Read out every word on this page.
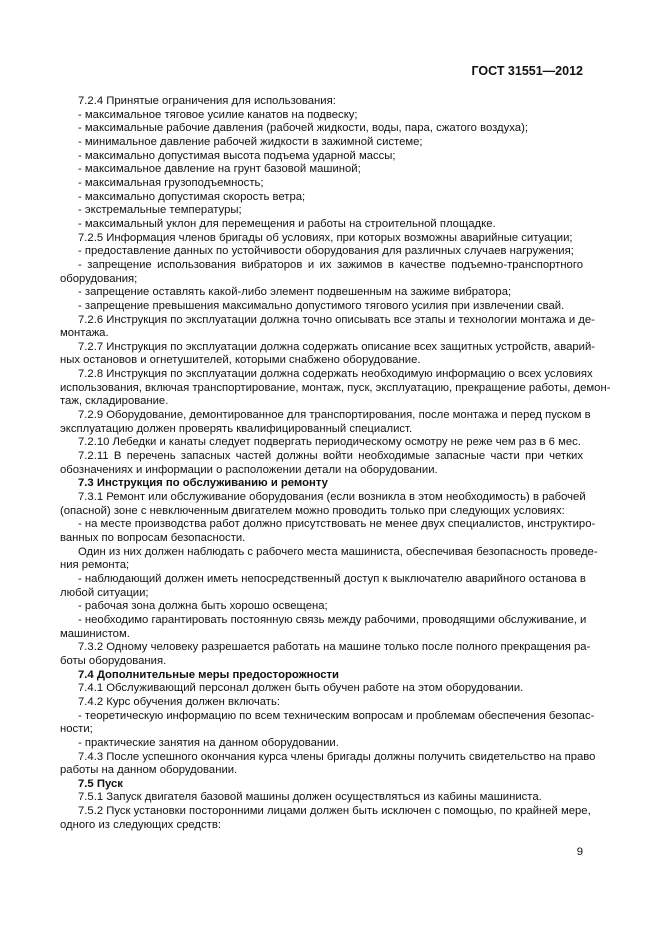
ГОСТ 31551—2012
7.2.4 Принятые ограничения для использования:
- максимальное тяговое усилие канатов на подвеску;
- максимальные рабочие давления (рабочей жидкости, воды, пара, сжатого воздуха);
- минимальное давление рабочей жидкости в зажимной системе;
- максимально допустимая высота подъема ударной массы;
- максимальное давление на грунт базовой машиной;
- максимальная грузоподъемность;
- максимально допустимая скорость ветра;
- экстремальные температуры;
- максимальный уклон для перемещения и работы на строительной площадке.
7.2.5 Информация членов бригады об условиях, при которых возможны аварийные ситуации;
- предоставление данных по устойчивости оборудования для различных случаев нагружения;
- запрещение использования вибраторов и их зажимов в качестве подъемно-транспортного
оборудования;
- запрещение оставлять какой-либо элемент подвешенным на зажиме вибратора;
- запрещение превышения максимально допустимого тягового усилия при извлечении свай.
7.2.6 Инструкция по эксплуатации должна точно описывать все этапы и технологии монтажа и де-
монтажа.
7.2.7 Инструкция по эксплуатации должна содержать описание всех защитных устройств, аварий-
ных остановов и огнетушителей, которыми снабжено оборудование.
7.2.8 Инструкция по эксплуатации должна содержать необходимую информацию о всех условиях
использования, включая транспортирование, монтаж, пуск, эксплуатацию, прекращение работы, демон-
таж, складирование.
7.2.9 Оборудование, демонтированное для транспортирования, после монтажа и перед пуском в
эксплуатацию должен проверять квалифицированный специалист.
7.2.10 Лебедки и канаты следует подвергать периодическому осмотру не реже чем раз в 6 мес.
7.2.11 В перечень запасных частей должны войти необходимые запасные части при четких
обозначениях и информации о расположении детали на оборудовании.
7.3 Инструкция по обслуживанию и ремонту
7.3.1 Ремонт или обслуживание оборудования (если возникла в этом необходимость) в рабочей
(опасной) зоне с невключенным двигателем можно проводить только при следующих условиях:
- на месте производства работ должно присутствовать не менее двух специалистов, инструктиро-
ванных по вопросам безопасности.
Один из них должен наблюдать с рабочего места машиниста, обеспечивая безопасность проведе-
ния ремонта;
- наблюдающий должен иметь непосредственный доступ к выключателю аварийного останова в
любой ситуации;
- рабочая зона должна быть хорошо освещена;
- необходимо гарантировать постоянную связь между рабочими, проводящими обслуживание, и
машинистом.
7.3.2 Одному человеку разрешается работать на машине только после полного прекращения ра-
боты оборудования.
7.4 Дополнительные меры предосторожности
7.4.1 Обслуживающий персонал должен быть обучен работе на этом оборудовании.
7.4.2 Курс обучения должен включать:
- теоретическую информацию по всем техническим вопросам и проблемам обеспечения безопас-
ности;
- практические занятия на данном оборудовании.
7.4.3 После успешного окончания курса члены бригады должны получить свидетельство на право
работы на данном оборудовании.
7.5 Пуск
7.5.1 Запуск двигателя базовой машины должен осуществляться из кабины машиниста.
7.5.2 Пуск установки посторонними лицами должен быть исключен с помощью, по крайней мере,
одного из следующих средств:
9
